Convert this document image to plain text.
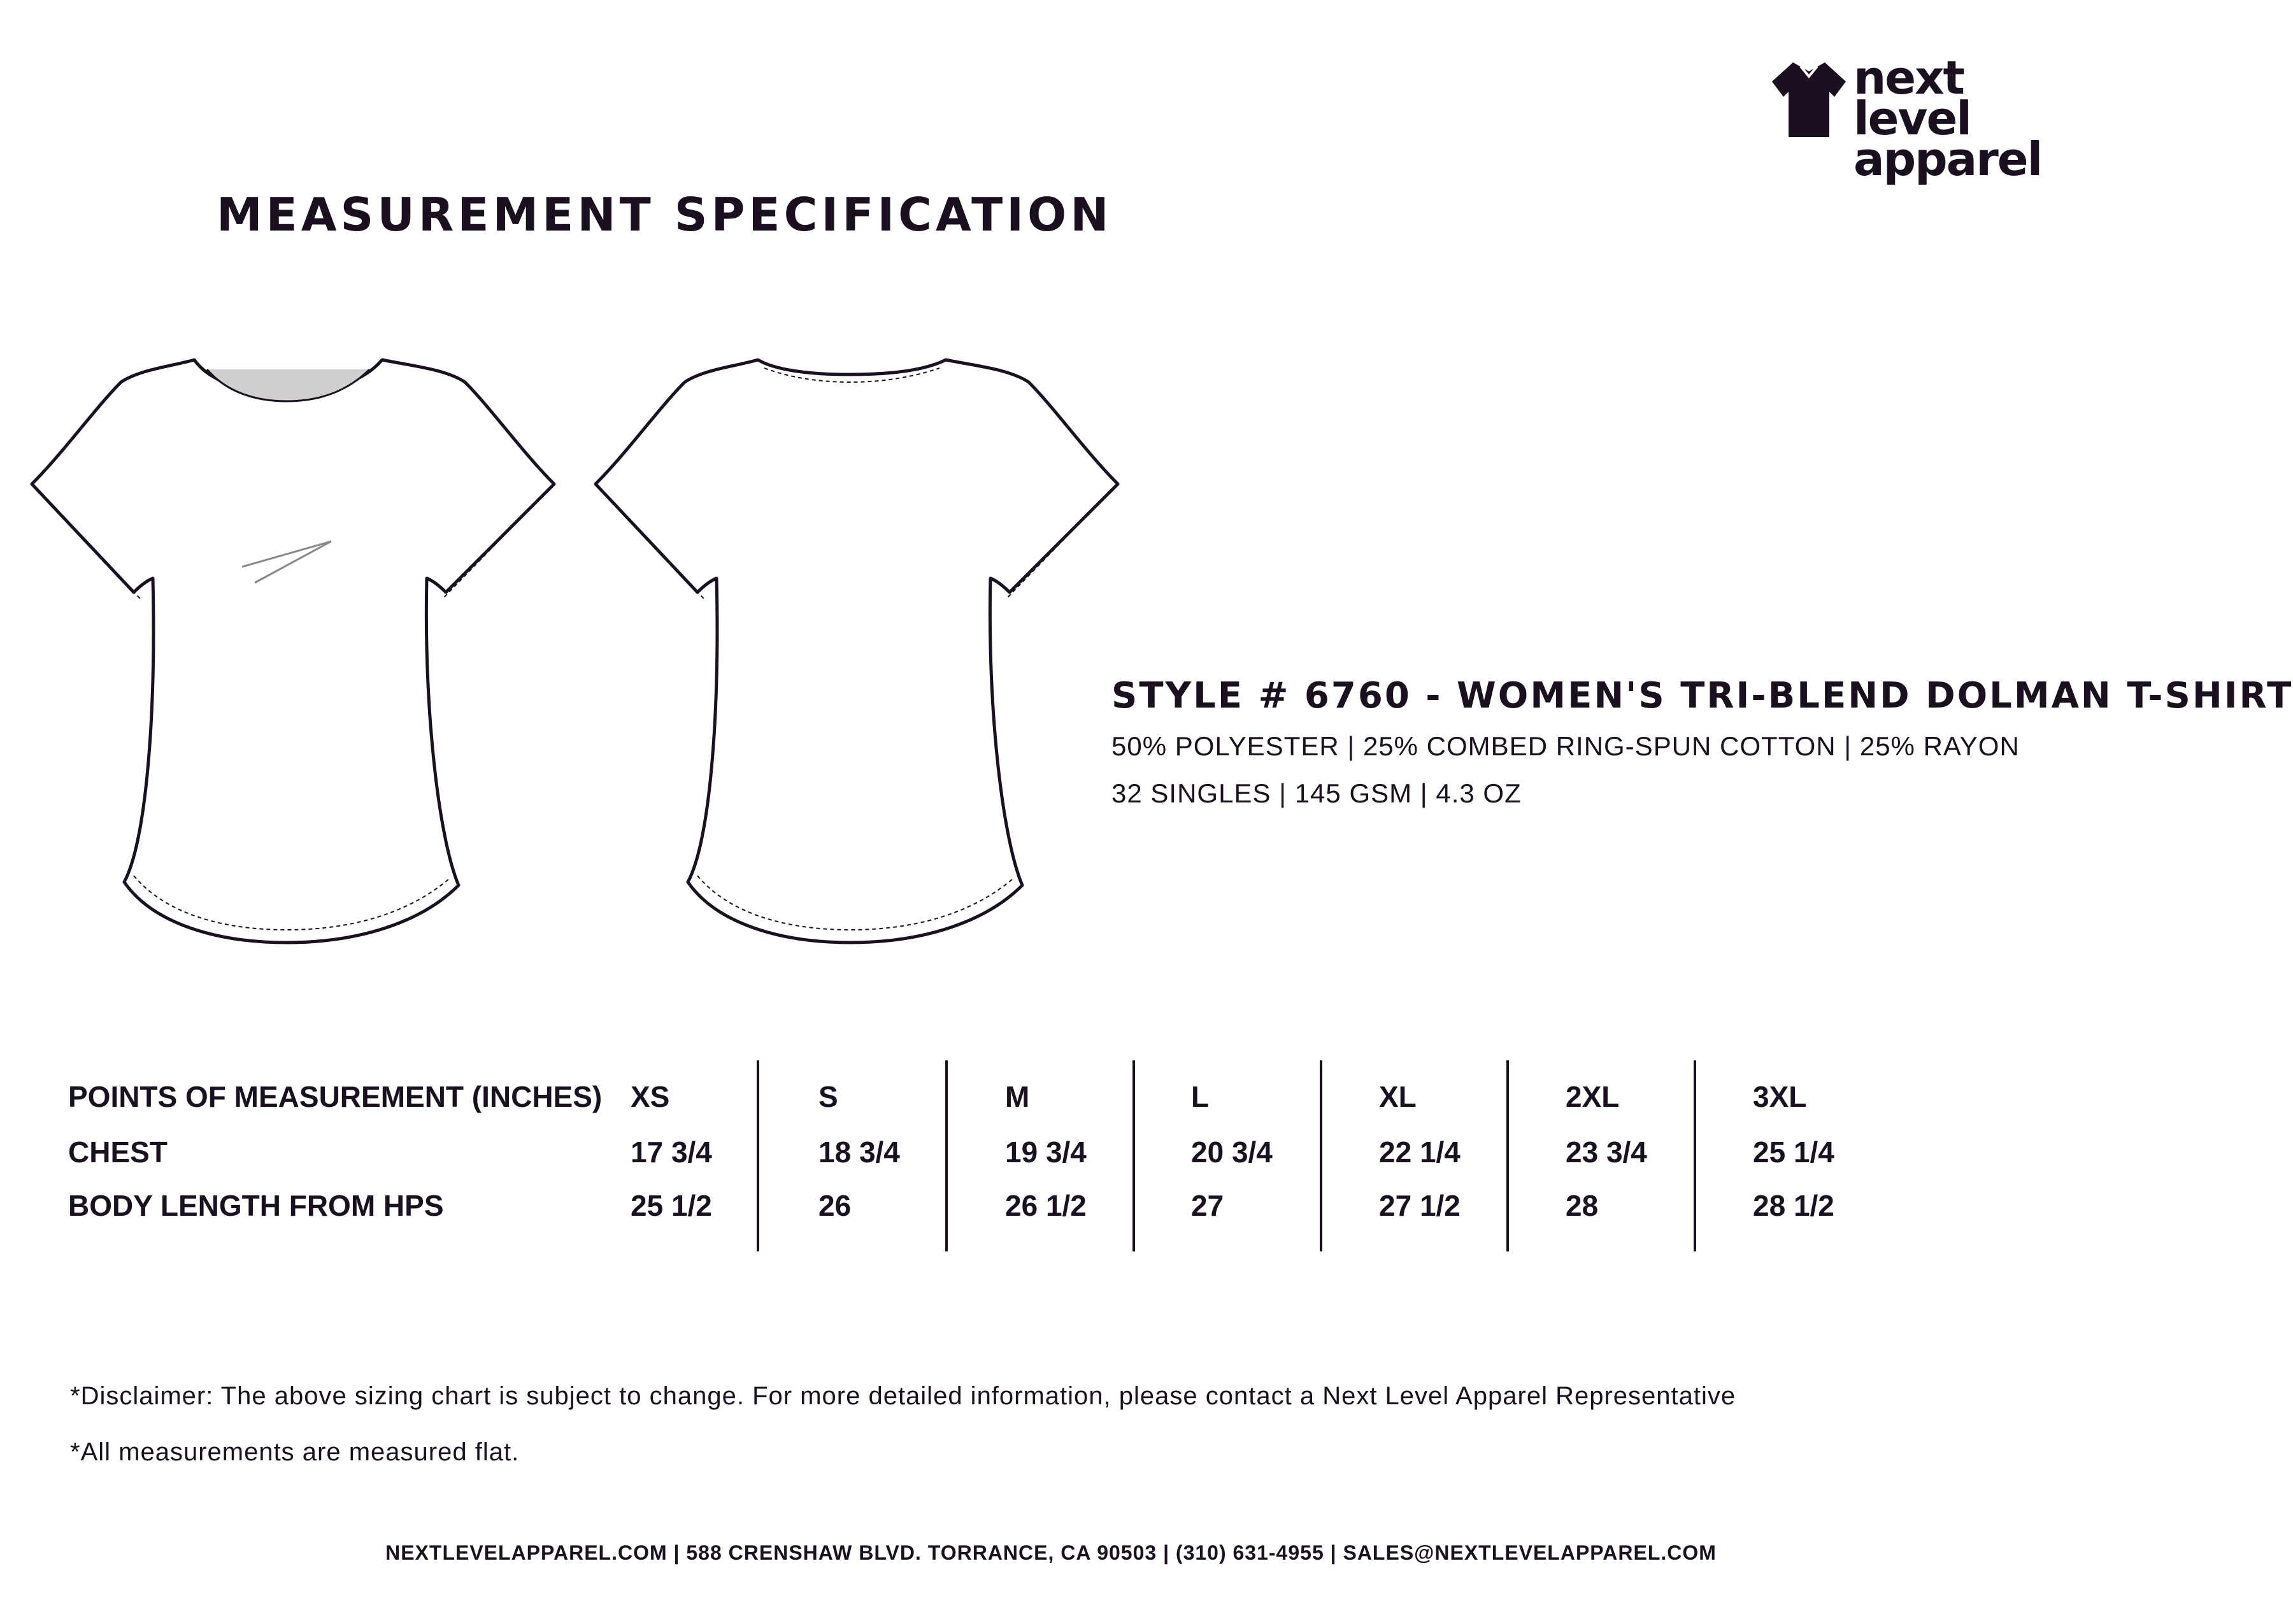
next level
apparel
MEASUREMENT SPECIFICATION
STYLE # 6760 - WOMEN'S TRI-BLEND DOLMAN T-SHIRT
50% POLYESTER | 25% COMBED RING-SPUN COTTON | 25% RAYON
32 SINGLES | 145 GSM | 4.3 OZ
POINTS OF MEASUREMENT (INCHES) XS	S	M	L	XL	2XL	3XL
CHEST	17 3/4	18 3/4	19 3/4	20 3/4	22 1/4	23 3/4	25 1/4
BODY LENGTH FROM HPS	25 1/2	26	26 1/2	27	27 1/2	28	28 1/2
*Disclaimer: The above sizing chart is subject to change. For more detailed information, please contact a Next Level Apparel Representative
*All measurements are measured flat.
NEXTLEVELAPPAREL.COM | 588 CRENSHAW BLVD. TORRANCE, CA 90503 | (310) 631-4955 | SALES@NEXTLEVELAPPAREL.COM
